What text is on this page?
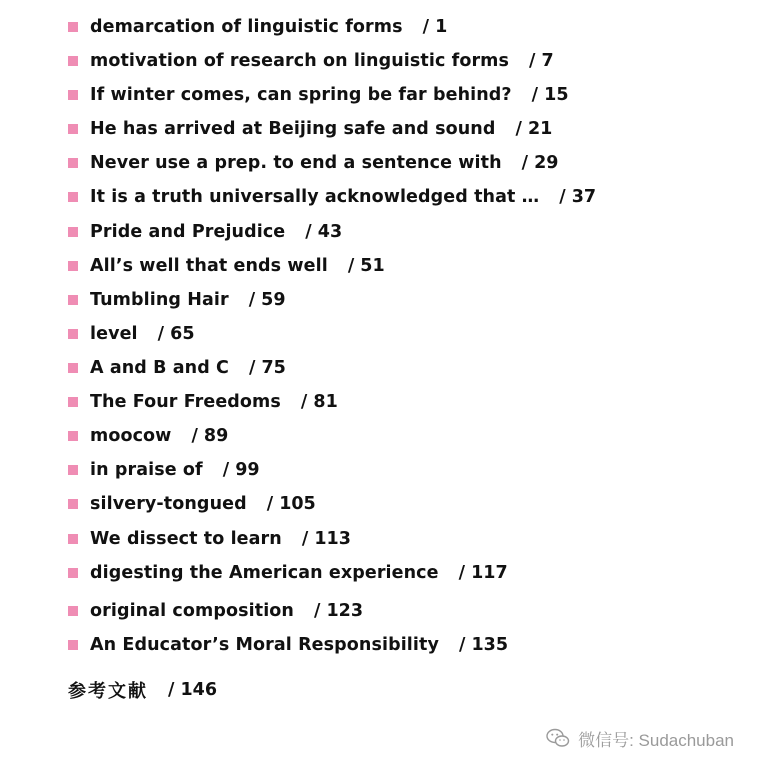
demarcation of linguistic forms / 1
motivation of research on linguistic forms / 7
If winter comes, can spring be far behind? / 15
He has arrived at Beijing safe and sound / 21
Never use a prep. to end a sentence with / 29
It is a truth universally acknowledged that … / 37
Pride and Prejudice / 43
All’s well that ends well / 51
Tumbling Hair / 59
level / 65
A and B and C / 75
The Four Freedoms / 81
moocow / 89
in praise of / 99
silvery-tongued / 105
We dissect to learn / 113
digesting the American experience / 117
original composition / 123
An Educator’s Moral Responsibility / 135
参考文献 / 146
微信号: Sudachuban
